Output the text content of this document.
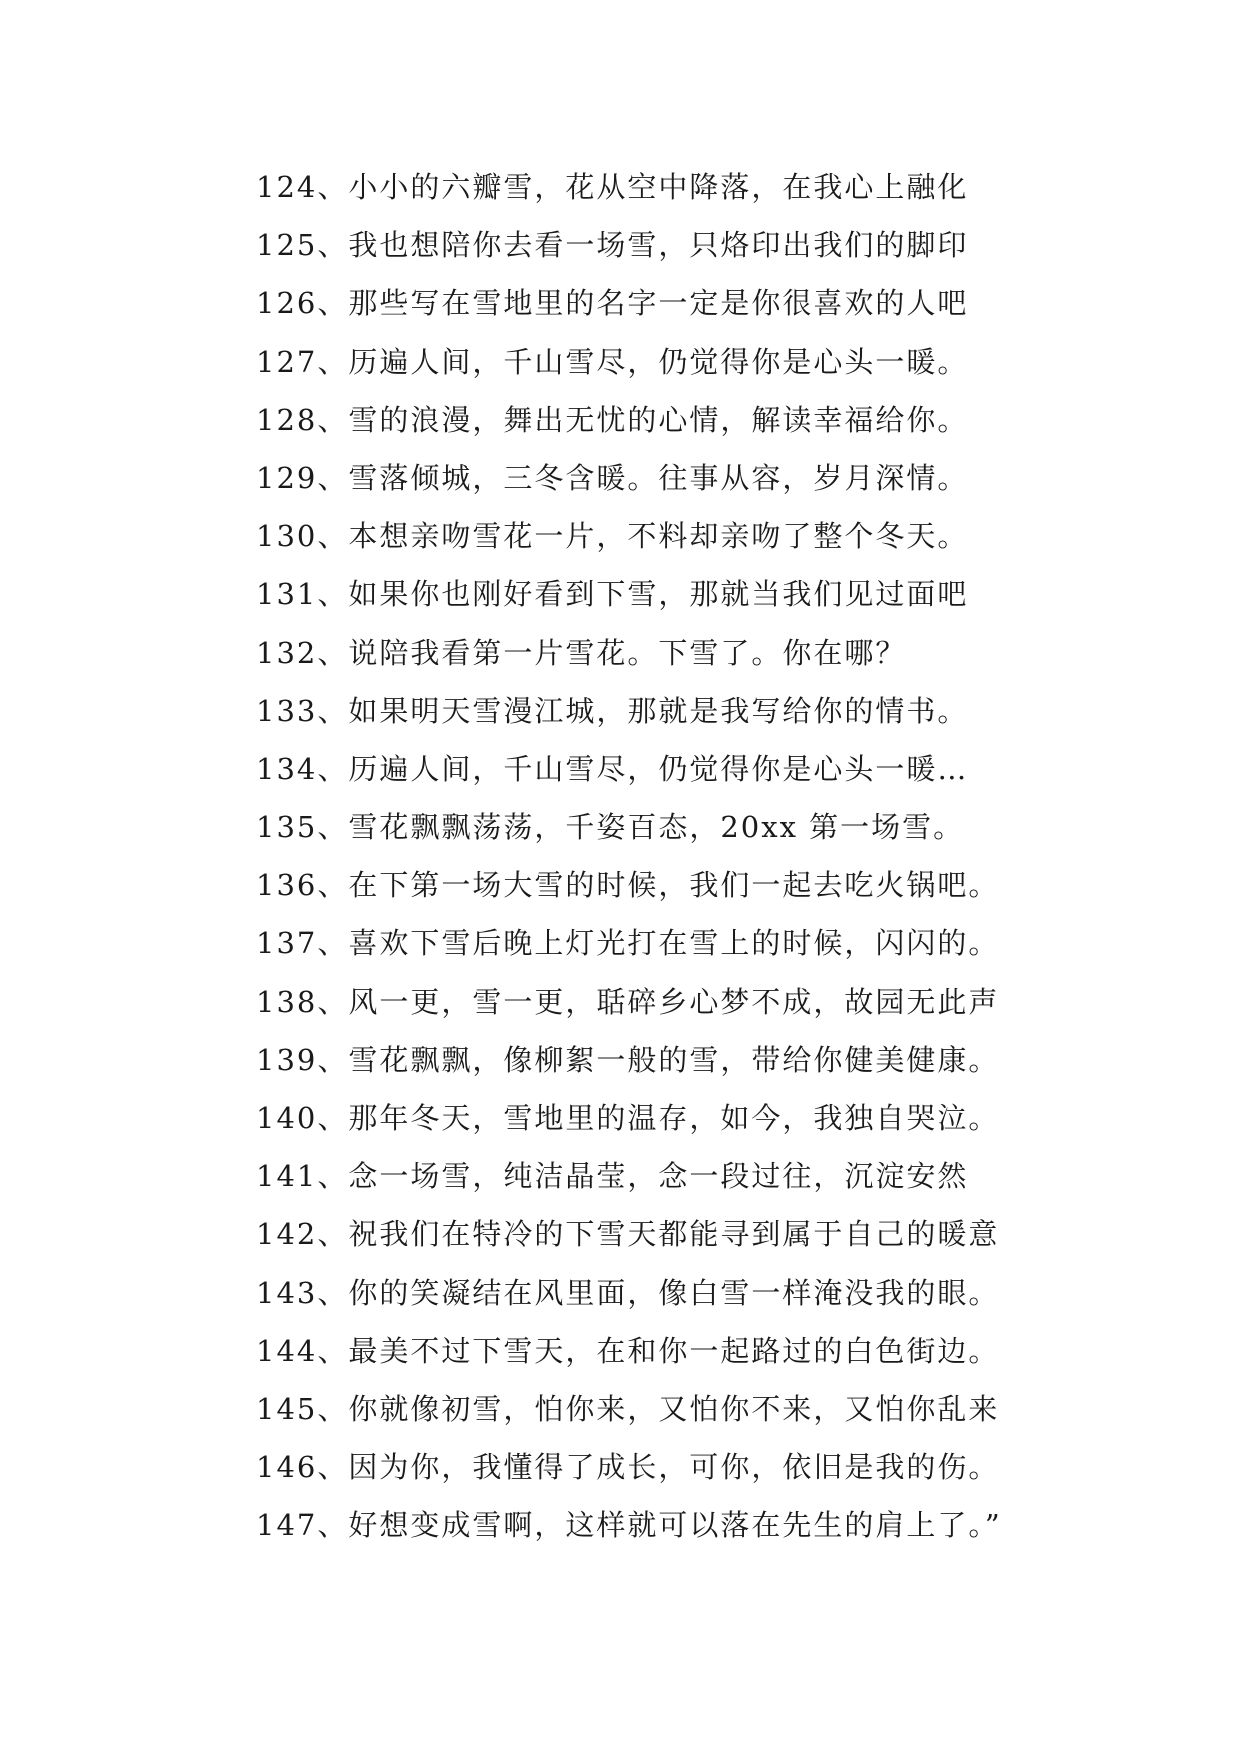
124、小小的六瓣雪，花从空中降落，在我心上融化
125、我也想陪你去看一场雪，只烙印出我们的脚印
126、那些写在雪地里的名字一定是你很喜欢的人吧
127、历遍人间，千山雪尽，仍觉得你是心头一暖。
128、雪的浪漫，舞出无忧的心情，解读幸福给你。
129、雪落倾城，三冬含暖。往事从容，岁月深情。
130、本想亲吻雪花一片，不料却亲吻了整个冬天。
131、如果你也刚好看到下雪，那就当我们见过面吧
132、说陪我看第一片雪花。下雪了。你在哪？
133、如果明天雪漫江城，那就是我写给你的情书。
134、历遍人间，千山雪尽，仍觉得你是心头一暖…
135、雪花飘飘荡荡，千姿百态，20xx 第一场雪。
136、在下第一场大雪的时候，我们一起去吃火锅吧。
137、喜欢下雪后晚上灯光打在雪上的时候，闪闪的。
138、风一更，雪一更，聒碎乡心梦不成，故园无此声
139、雪花飘飘，像柳絮一般的雪，带给你健美健康。
140、那年冬天，雪地里的温存，如今，我独自哭泣。
141、念一场雪，纯洁晶莹，念一段过往，沉淀安然
142、祝我们在特冷的下雪天都能寻到属于自己的暖意
143、你的笑凝结在风里面，像白雪一样淹没我的眼。
144、最美不过下雪天，在和你一起路过的白色街边。
145、你就像初雪，怕你来，又怕你不来，又怕你乱来
146、因为你，我懂得了成长，可你，依旧是我的伤。
147、好想变成雪啊，这样就可以落在先生的肩上了。”
